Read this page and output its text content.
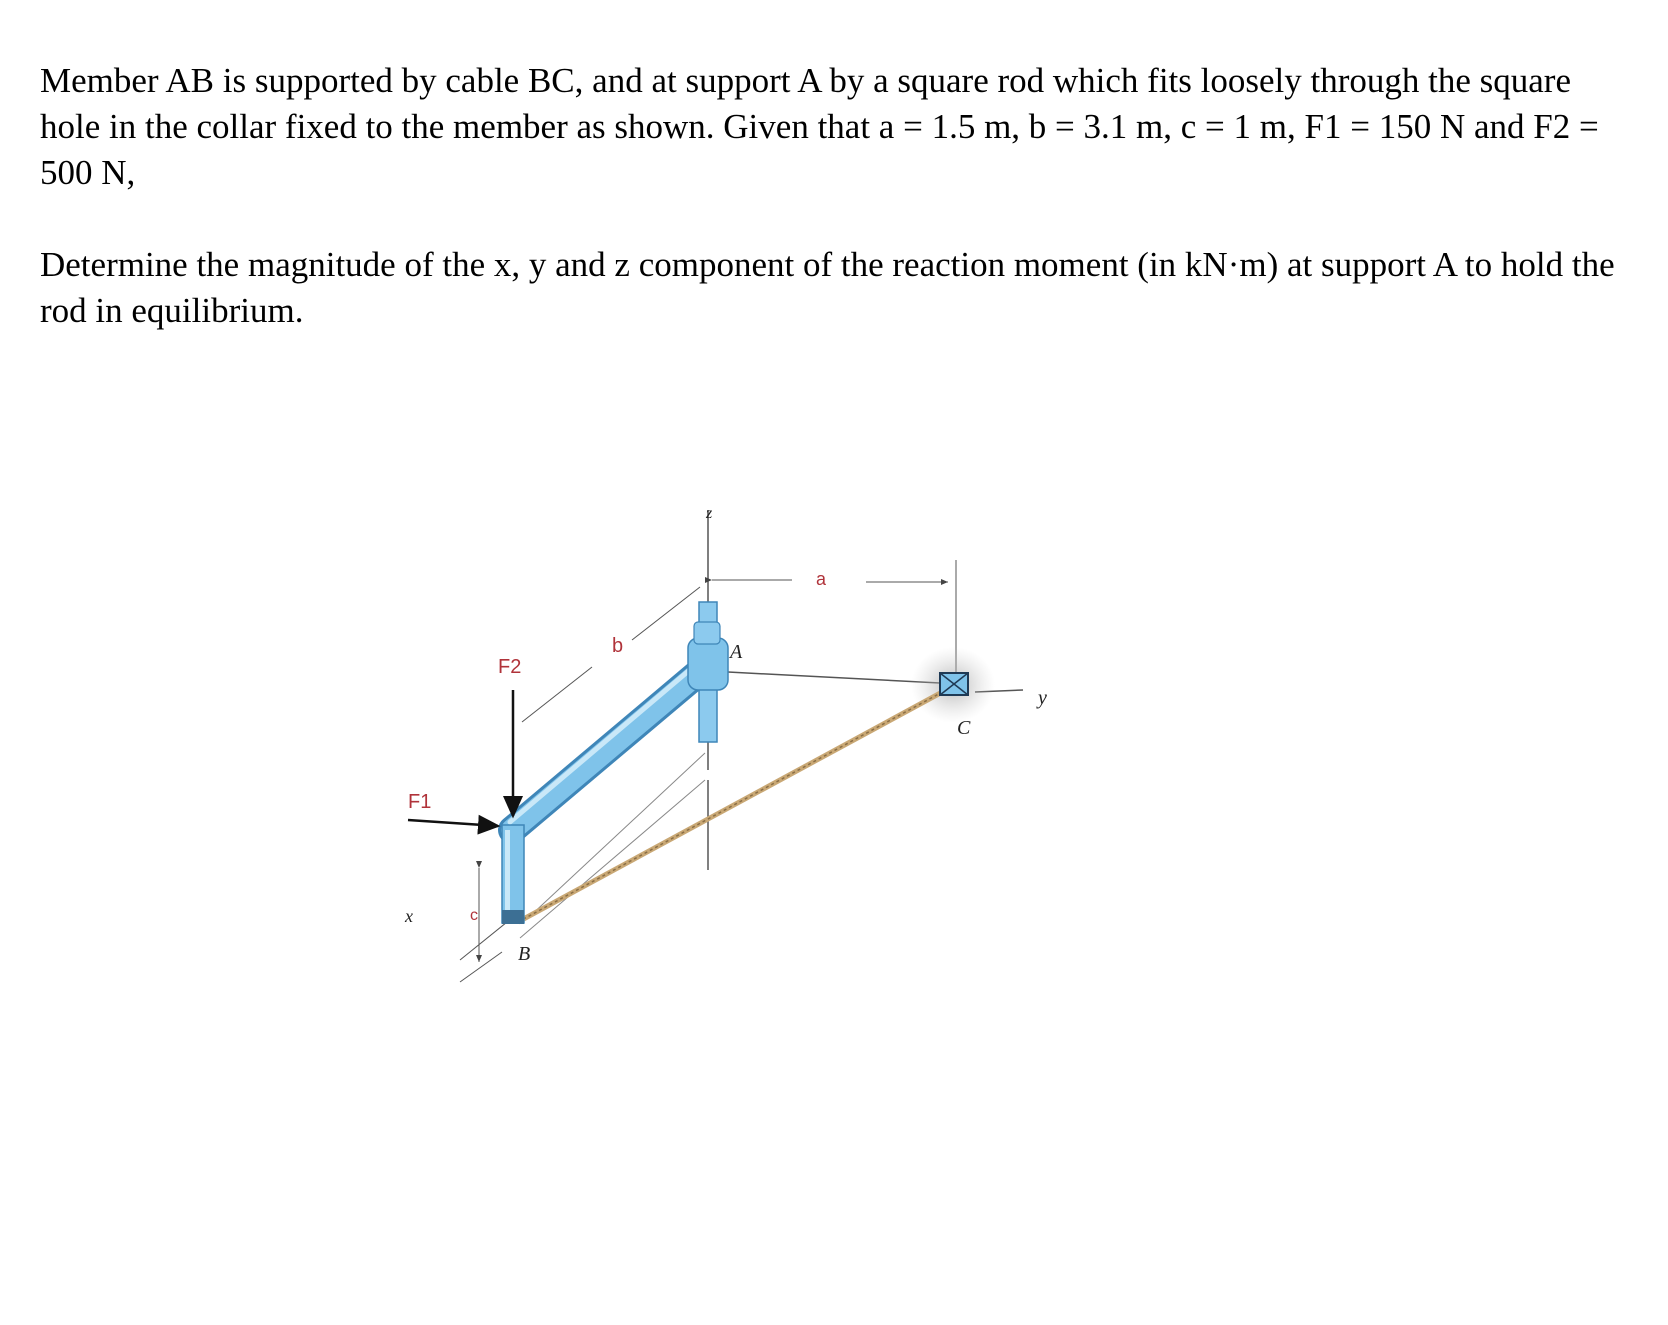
Member AB is supported by cable BC, and at support A by a square rod which fits loosely through the square hole in the collar fixed to the member as shown. Given that a = 1.5 m, b = 3.1 m, c = 1 m, F1 = 150 N and F2 = 500 N,

Determine the magnitude of the x, y and z component of the reaction moment (in kN·m) at support A to hold the rod in equilibrium.

z
a
b
y
x	c
C
A
B
F2
F1
